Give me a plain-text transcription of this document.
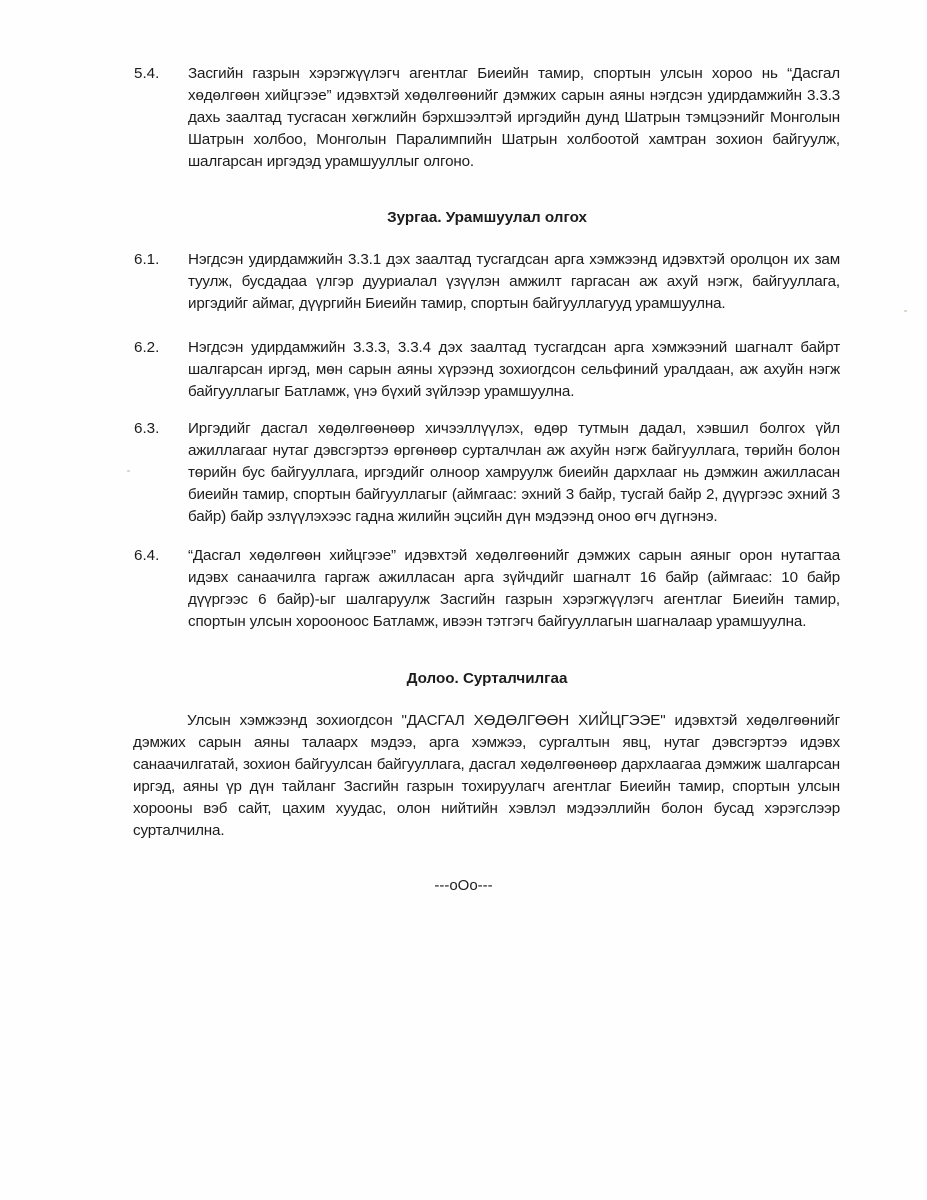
5.4.	Засгийн газрын хэрэгжүүлэгч агентлаг Биеийн тамир, спортын улсын хороо нь “Дасгал хөдөлгөөн хийцгээе” идэвхтэй хөдөлгөөнийг дэмжих сарын аяны нэгдсэн удирдамжийн 3.3.3 дахь заалтад тусгасан хөгжлийн бэрхшээлтэй иргэдийн дунд Шатрын тэмцээнийг Монголын Шатрын холбоо, Монголын Паралимпийн Шатрын холбоотой хамтран зохион байгуулж, шалгарсан иргэдэд урамшууллыг олгоно.
Зургаа. Урамшуулал олгох
6.1.	Нэгдсэн удирдамжийн 3.3.1 дэх заалтад тусгагдсан арга хэмжээнд идэвхтэй оролцон их зам туулж, бусдадаа үлгэр дууриалал үзүүлэн амжилт гаргасан аж ахуй нэгж, байгууллага, иргэдийг аймаг, дүүргийн Биеийн тамир, спортын байгууллагууд урамшуулна.
6.2.	Нэгдсэн удирдамжийн 3.3.3, 3.3.4 дэх заалтад тусгагдсан арга хэмжээний шагналт байрт шалгарсан иргэд, мөн сарын аяны хүрээнд зохиогдсон сельфиний уралдаан, аж ахуйн нэгж байгууллагыг Батламж, үнэ бүхий зүйлээр урамшуулна.
6.3.	Иргэдийг дасгал хөдөлгөөнөөр хичээллүүлэх, өдөр тутмын дадал, хэвшил болгох үйл ажиллагааг нутаг дэвсгэртээ өргөнөөр сурталчлан аж ахуйн нэгж байгууллага, төрийн болон төрийн бус байгууллага, иргэдийг олноор хамруулж биеийн дархлааг нь дэмжин ажилласан биеийн тамир, спортын байгууллагыг (аймгаас: эхний 3 байр, тусгай байр 2, дүүргээс эхний 3 байр) байр эзлүүлэхээс гадна жилийн эцсийн дүн мэдээнд оноо өгч дүгнэнэ.
6.4.	“Дасгал хөдөлгөөн хийцгээе” идэвхтэй хөдөлгөөнийг дэмжих сарын аяныг орон нутагтаа идэвх санаачилга гаргаж ажилласан арга зүйчдийг шагналт 16 байр (аймгаас: 10 байр дүүргээс 6 байр)-ыг шалгаруулж Засгийн газрын хэрэгжүүлэгч агентлаг Биеийн тамир, спортын улсын хорооноос Батламж, ивээн тэтгэгч байгууллагын шагналаар урамшуулна.
Долоо. Сурталчилгаа
Улсын хэмжээнд зохиогдсон "ДАСГАЛ ХӨДӨЛГӨӨН ХИЙЦГЭЭЕ" идэвхтэй хөдөлгөөнийг дэмжих сарын аяны талаарх мэдээ, арга хэмжээ, сургалтын явц, нутаг дэвсгэртээ идэвх санаачилгатай, зохион байгуулсан байгууллага, дасгал хөдөлгөөнөөр дархлаагаа дэмжиж шалгарсан иргэд, аяны үр дүн тайланг Засгийн газрын тохируулагч агентлаг Биеийн тамир, спортын улсын хорооны вэб сайт, цахим хуудас, олон нийтийн хэвлэл мэдээллийн болон бусад хэрэгслээр сурталчилна.
---oOo---
